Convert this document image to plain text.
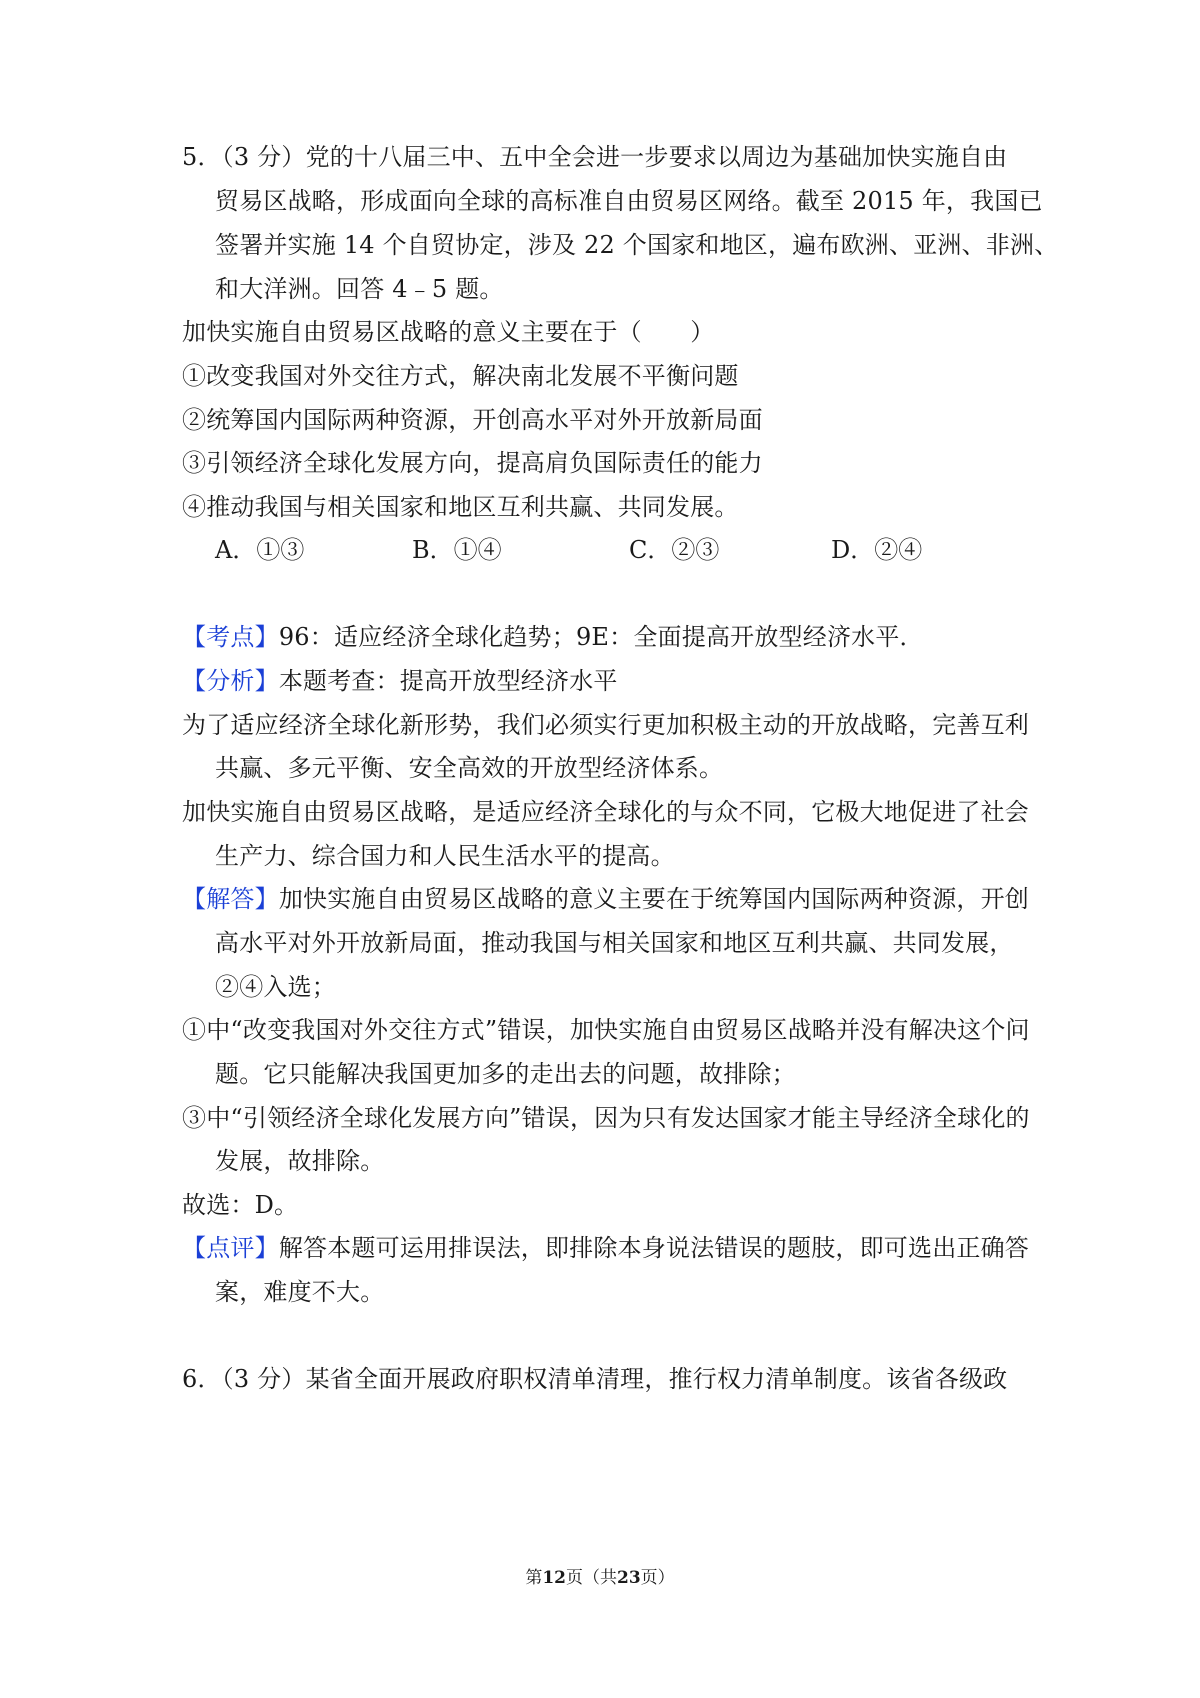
5．（3 分）党的十八届三中、五中全会进一步要求以周边为基础加快实施自由
贸易区战略，形成面向全球的高标准自由贸易区网络。截至 2015 年，我国已
签署并实施 14 个自贸协定，涉及 22 个国家和地区，遍布欧洲、亚洲、非洲、
和大洋洲。回答 4﹣5 题。
加快实施自由贸易区战略的意义主要在于（　　）
①改变我国对外交往方式，解决南北发展不平衡问题
②统筹国内国际两种资源，开创高水平对外开放新局面
③引领经济全球化发展方向，提高肩负国际责任的能力
④推动我国与相关国家和地区互利共赢、共同发展。
A．①③	B．①④	C．②③	D．②④
【考点】96：适应经济全球化趋势；9E：全面提高开放型经济水平．
【分析】本题考查：提高开放型经济水平
为了适应经济全球化新形势，我们必须实行更加积极主动的开放战略，完善互利
共赢、多元平衡、安全高效的开放型经济体系。
加快实施自由贸易区战略，是适应经济全球化的与众不同，它极大地促进了社会
生产力、综合国力和人民生活水平的提高。
【解答】加快实施自由贸易区战略的意义主要在于统筹国内国际两种资源，开创
高水平对外开放新局面，推动我国与相关国家和地区互利共赢、共同发展，
②④入选；
①中“改变我国对外交往方式”错误，加快实施自由贸易区战略并没有解决这个问
题。它只能解决我国更加多的走出去的问题，故排除；
③中“引领经济全球化发展方向”错误，因为只有发达国家才能主导经济全球化的
发展，故排除。
故选：D。
【点评】解答本题可运用排误法，即排除本身说法错误的题肢，即可选出正确答
案，难度不大。
6．（3 分）某省全面开展政府职权清单清理，推行权力清单制度。该省各级政
第12页（共23页）
